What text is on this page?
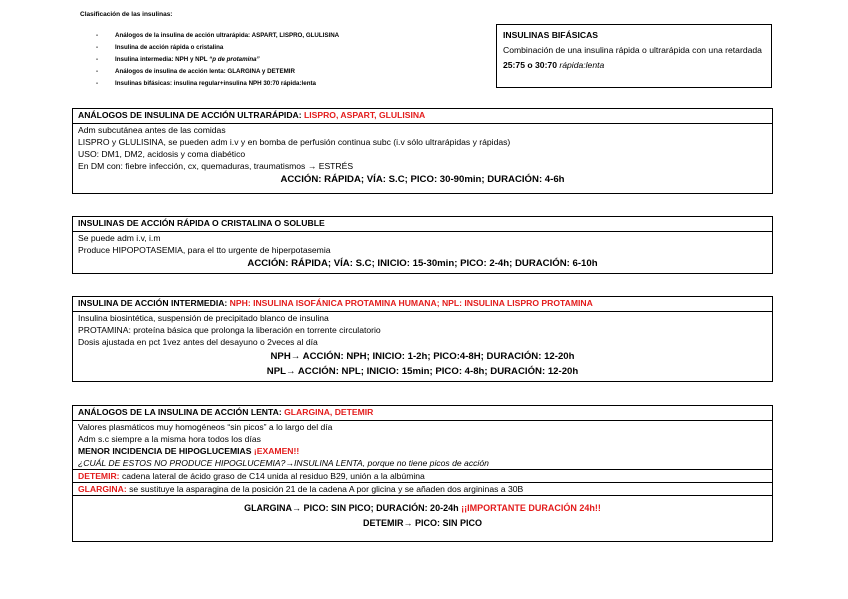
Clasificación de las insulinas:
-	Análogos de la insulina de acción ultrarápida: ASPART, LISPRO, GLULISINA
-	Insulina de acción rápida o cristalina
-	Insulina intermedia: NPH y NPL “p de protamina”
-	Análogos de insulina de acción lenta: GLARGINA y DETEMIR
-	Insulinas bifásicas: insulina regular+insulina NPH 30:70 rápida:lenta
INSULINAS BIFÁSICAS
Combinación de una insulina rápida o ultrarápida con una retardada
25:75 o 30:70 rápida:lenta
ANÁLOGOS DE INSULINA DE ACCIÓN ULTRARÁPIDA: LISPRO, ASPART, GLULISINA
Adm subcutánea antes de las comidas
LISPRO y GLULISINA, se pueden adm i.v y en bomba de perfusión continua subc (i.v sólo ultrarápidas y rápidas)
USO: DM1, DM2, acidosis y coma diabético
En DM con: fiebre infección, cx, quemaduras, traumatismos → ESTRÉS
ACCIÓN: RÁPIDA; VÍA: S.C; PICO: 30-90min; DURACIÓN: 4-6h
INSULINAS DE ACCIÓN RÁPIDA O CRISTALINA O SOLUBLE
Se puede adm i.v, i.m
Produce HIPOPOTASEMIA, para el tto urgente de hiperpotasemia
ACCIÓN: RÁPIDA; VÍA: S.C; INICIO: 15-30min; PICO: 2-4h; DURACIÓN: 6-10h
INSULINA DE ACCIÓN INTERMEDIA: NPH: INSULINA ISOFÁNICA PROTAMINA HUMANA; NPL: INSULINA LISPRO PROTAMINA
Insulina biosintética, suspensión de precipitado blanco de insulina
PROTAMINA: proteína básica que prolonga la liberación en torrente circulatorio
Dosis ajustada en pct 1vez antes del desayuno o 2veces al día
NPH→ ACCIÓN: NPH; INICIO: 1-2h; PICO:4-8H; DURACIÓN: 12-20h
NPL→ ACCIÓN: NPL; INICIO: 15min; PICO: 4-8h; DURACIÓN: 12-20h
ANÁLOGOS DE LA INSULINA DE ACCIÓN LENTA: GLARGINA, DETEMIR
Valores plasmáticos muy homogéneos “sin picos” a lo largo del día
Adm s.c siempre a la misma hora todos los días
MENOR INCIDENCIA DE HIPOGLUCEMIAS ¡EXAMEN!!
¿CUÁL DE ESTOS NO PRODUCE HIPOGLUCEMIA?→INSULINA LENTA, porque no tiene picos de acción
DETEMIR: cadena lateral de ácido graso de C14 unida al residuo B29, unión a la albúmina
GLARGINA: se sustituye la asparagina de la posición 21 de la cadena A por glicina y se añaden dos argininas a 30B
GLARGINA→ PICO: SIN PICO; DURACIÓN: 20-24h ¡¡IMPORTANTE DURACIÓN 24h!!
DETEMIR→ PICO: SIN PICO
